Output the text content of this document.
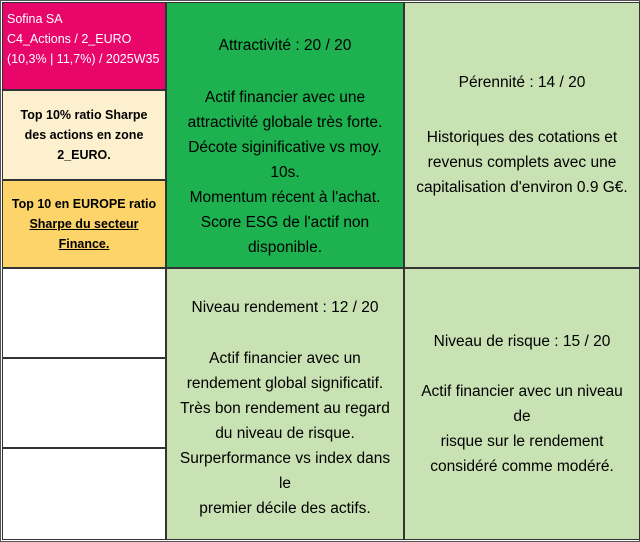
Sofina SA
C4_Actions / 2_EURO
(10,3% | 11,7%) / 2025W35
Top 10% ratio Sharpe des actions en zone 2_EURO.
Top 10 en EUROPE ratio
Sharpe du secteur Finance.
Attractivité : 20 / 20
Actif financier avec une
attractivité globale très forte.
Décote siginificative vs moy. 10s.
Momentum récent à l'achat.
Score ESG de l'actif non
disponible.
Pérennité : 14 / 20
Historiques des cotations et
revenus complets avec une
capitalisation d'environ 0.9 G€.
Niveau rendement : 12 / 20
Actif financier avec un
rendement global significatif.
Très bon rendement au regard
du niveau de risque.
Surperformance vs index dans le
premier décile des actifs.
Niveau de risque : 15 / 20
Actif financier avec un niveau de
risque sur le rendement
considéré comme modéré.
